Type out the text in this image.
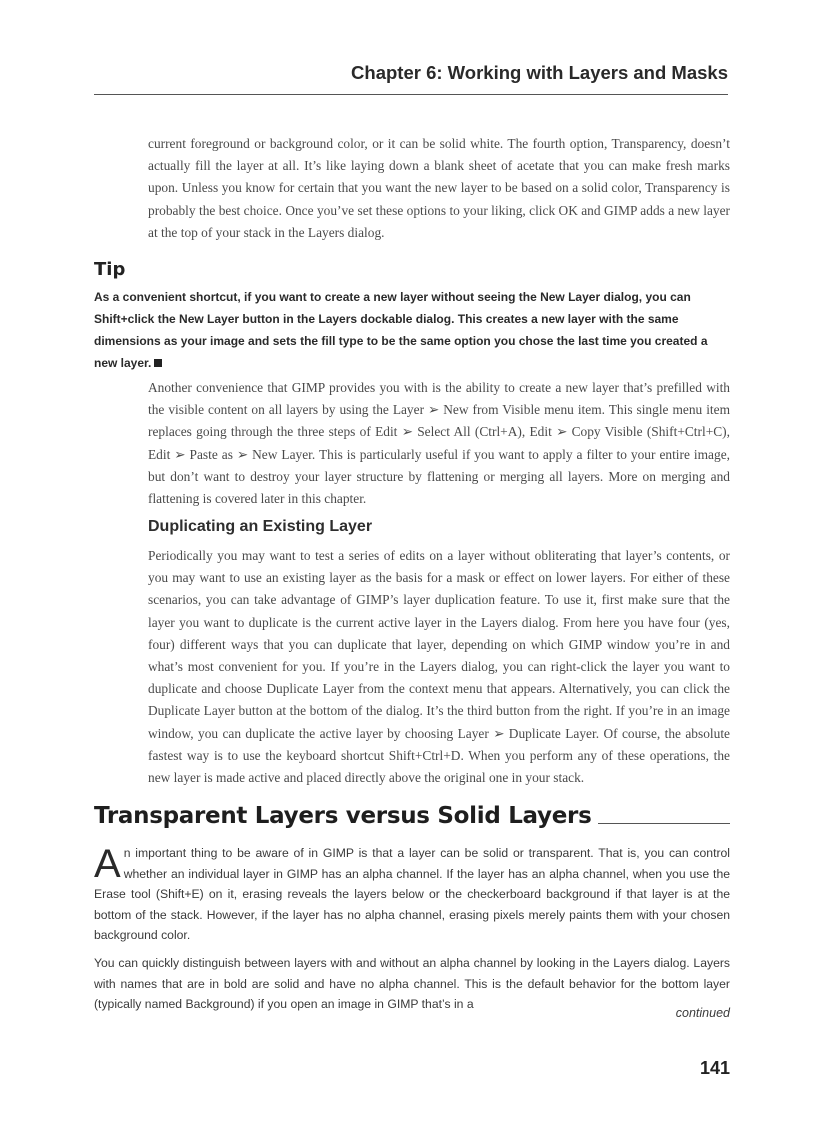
Chapter 6: Working with Layers and Masks

current foreground or background color, or it can be solid white. The fourth option, Transparency, doesn’t actually fill the layer at all. It’s like laying down a blank sheet of acetate that you can make fresh marks upon. Unless you know for certain that you want the new layer to be based on a solid color, Transparency is probably the best choice. Once you’ve set these options to your liking, click OK and GIMP adds a new layer at the top of your stack in the Layers dialog.

Tip
As a convenient shortcut, if you want to create a new layer without seeing the New Layer dialog, you can Shift+click the New Layer button in the Layers dockable dialog. This creates a new layer with the same dimensions as your image and sets the fill type to be the same option you chose the last time you created a new layer.

Another convenience that GIMP provides you with is the ability to create a new layer that’s prefilled with the visible content on all layers by using the Layer ➢ New from Visible menu item. This single menu item replaces going through the three steps of Edit ➢ Select All (Ctrl+A), Edit ➢ Copy Visible (Shift+Ctrl+C), Edit ➢ Paste as ➢ New Layer. This is particularly useful if you want to apply a filter to your entire image, but don’t want to destroy your layer structure by flattening or merging all layers. More on merging and flattening is covered later in this chapter.

Duplicating an Existing Layer

Periodically you may want to test a series of edits on a layer without obliterating that layer’s contents, or you may want to use an existing layer as the basis for a mask or effect on lower layers. For either of these scenarios, you can take advantage of GIMP’s layer duplication feature. To use it, first make sure that the layer you want to duplicate is the current active layer in the Layers dialog. From here you have four (yes, four) different ways that you can duplicate that layer, depending on which GIMP window you’re in and what’s most convenient for you. If you’re in the Layers dialog, you can right-click the layer you want to duplicate and choose Duplicate Layer from the context menu that appears. Alternatively, you can click the Duplicate Layer button at the bottom of the dialog. It’s the third button from the right. If you’re in an image window, you can duplicate the active layer by choosing Layer ➢ Duplicate Layer. Of course, the absolute fastest way is to use the keyboard shortcut Shift+Ctrl+D. When you perform any of these operations, the new layer is made active and placed directly above the original one in your stack.

Transparent Layers versus Solid Layers

An important thing to be aware of in GIMP is that a layer can be solid or transparent. That is, you can control whether an individual layer in GIMP has an alpha channel. If the layer has an alpha channel, when you use the Erase tool (Shift+E) on it, erasing reveals the layers below or the checkerboard background if that layer is at the bottom of the stack. However, if the layer has no alpha channel, erasing pixels merely paints them with your chosen background color.

You can quickly distinguish between layers with and without an alpha channel by looking in the Layers dialog. Layers with names that are in bold are solid and have no alpha channel. This is the default behavior for the bottom layer (typically named Background) if you open an image in GIMP that’s in a

continued
141
